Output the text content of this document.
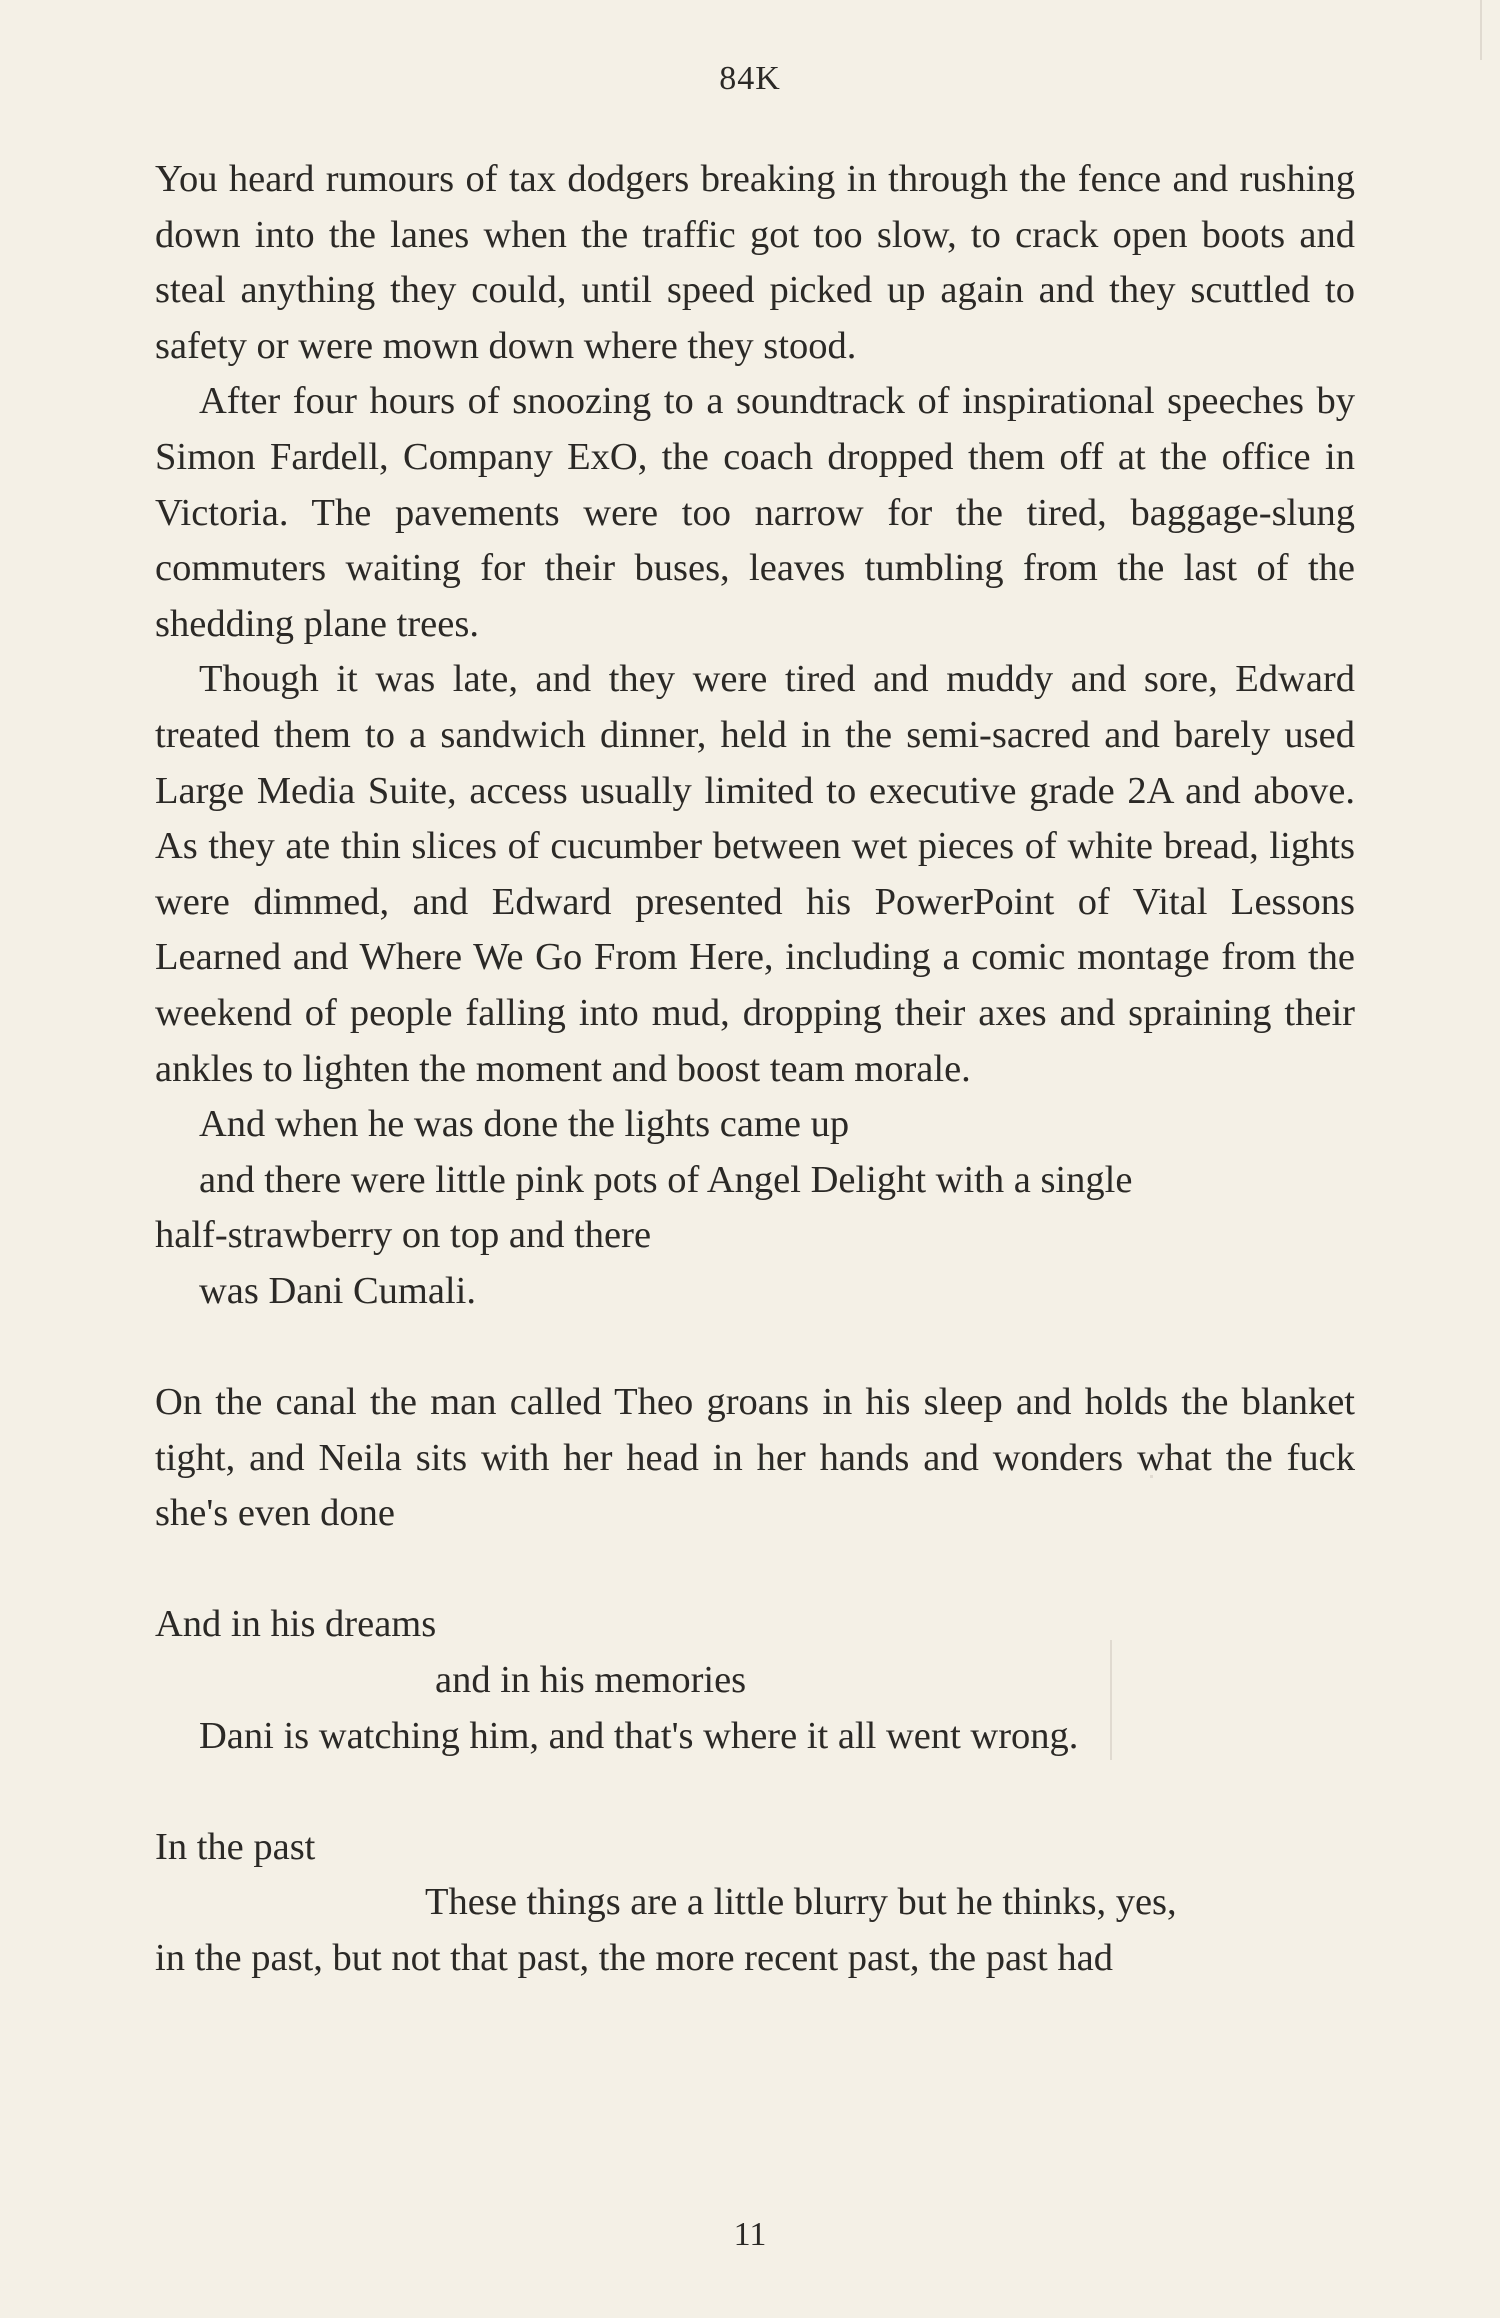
84K

You heard rumours of tax dodgers breaking in through the fence and rushing down into the lanes when the traffic got too slow, to crack open boots and steal anything they could, until speed picked up again and they scuttled to safety or were mown down where they stood.

After four hours of snoozing to a soundtrack of inspirational speeches by Simon Fardell, Company ExO, the coach dropped them off at the office in Victoria. The pavements were too narrow for the tired, baggage-slung commuters waiting for their buses, leaves tumbling from the last of the shedding plane trees.

Though it was late, and they were tired and muddy and sore, Edward treated them to a sandwich dinner, held in the semi-sacred and barely used Large Media Suite, access usually limited to executive grade 2A and above. As they ate thin slices of cucumber between wet pieces of white bread, lights were dimmed, and Edward presented his PowerPoint of Vital Lessons Learned and Where We Go From Here, including a comic montage from the weekend of people falling into mud, dropping their axes and spraining their ankles to lighten the moment and boost team morale.

And when he was done the lights came up

and there were little pink pots of Angel Delight with a single

half-strawberry on top and there

was Dani Cumali.

On the canal the man called Theo groans in his sleep and holds the blanket tight, and Neila sits with her head in her hands and wonders what the fuck she's even done

And in his dreams

and in his memories

Dani is watching him, and that's where it all went wrong.

In the past

These things are a little blurry but he thinks, yes,

in the past, but not that past, the more recent past, the past had

11
